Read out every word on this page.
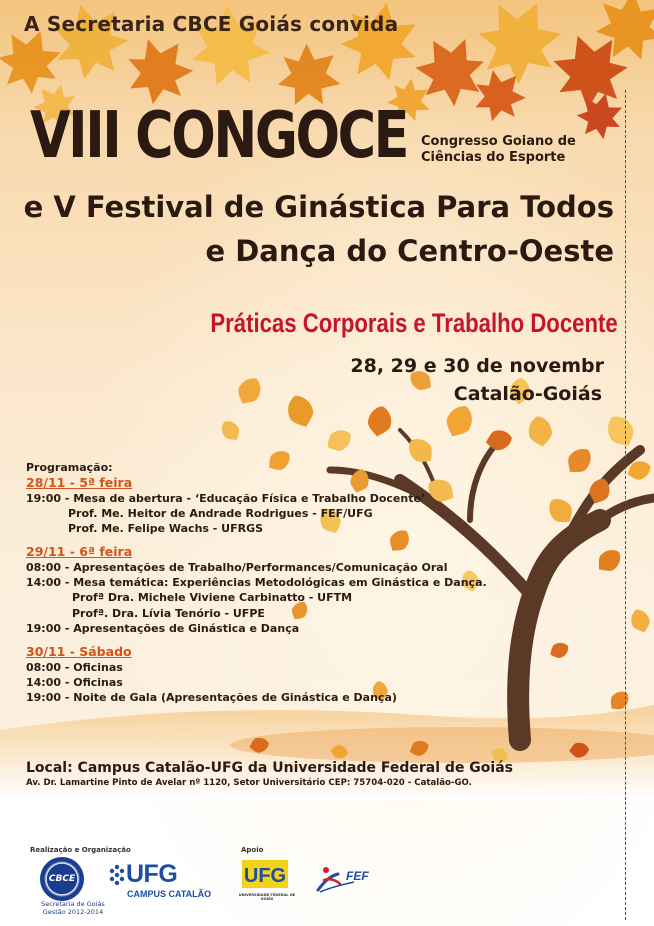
A Secretaria CBCE Goiás convida
VIII CONGOCE Congresso Goiano de
Ciências do Esporte
e V Festival de Ginástica Para Todos
e Dança do Centro-Oeste
Práticas Corporais e Trabalho Docente
28, 29 e 30 de novembr
Catalão-Goiás
Programação:
28/11 - 5ª feira
19:00 - Mesa de abertura - ‘Educação Física e Trabalho Docente’
Prof. Me. Heitor de Andrade Rodrigues - FEF/UFG
Prof. Me. Felipe Wachs - UFRGS
29/11 - 6ª feira
08:00 - Apresentações de Trabalho/Performances/Comunicação Oral
14:00 - Mesa temática: Experiências Metodológicas em Ginástica e Dança.
Profª Dra. Michele Viviene Carbinatto - UFTM
Profª. Dra. Lívia Tenório - UFPE
19:00 - Apresentações de Ginástica e Dança
30/11 - Sábado
08:00 - Oficinas
14:00 - Oficinas
19:00 - Noite de Gala (Apresentações de Ginástica e Dança)
Local: Campus Catalão-UFG da Universidade Federal de Goiás
Av. Dr. Lamartine Pinto de Avelar nº 1120, Setor Universitário CEP: 75704-020 - Catalão-GO.
Realização e Organização
CBCE
Secretaria de Goiás
Gestão 2012-2014
UFG
CAMPUS CATALÃO
Apoio
UFG
UNIVERSIDADE FEDERAL DE GOIÁS
FEF
